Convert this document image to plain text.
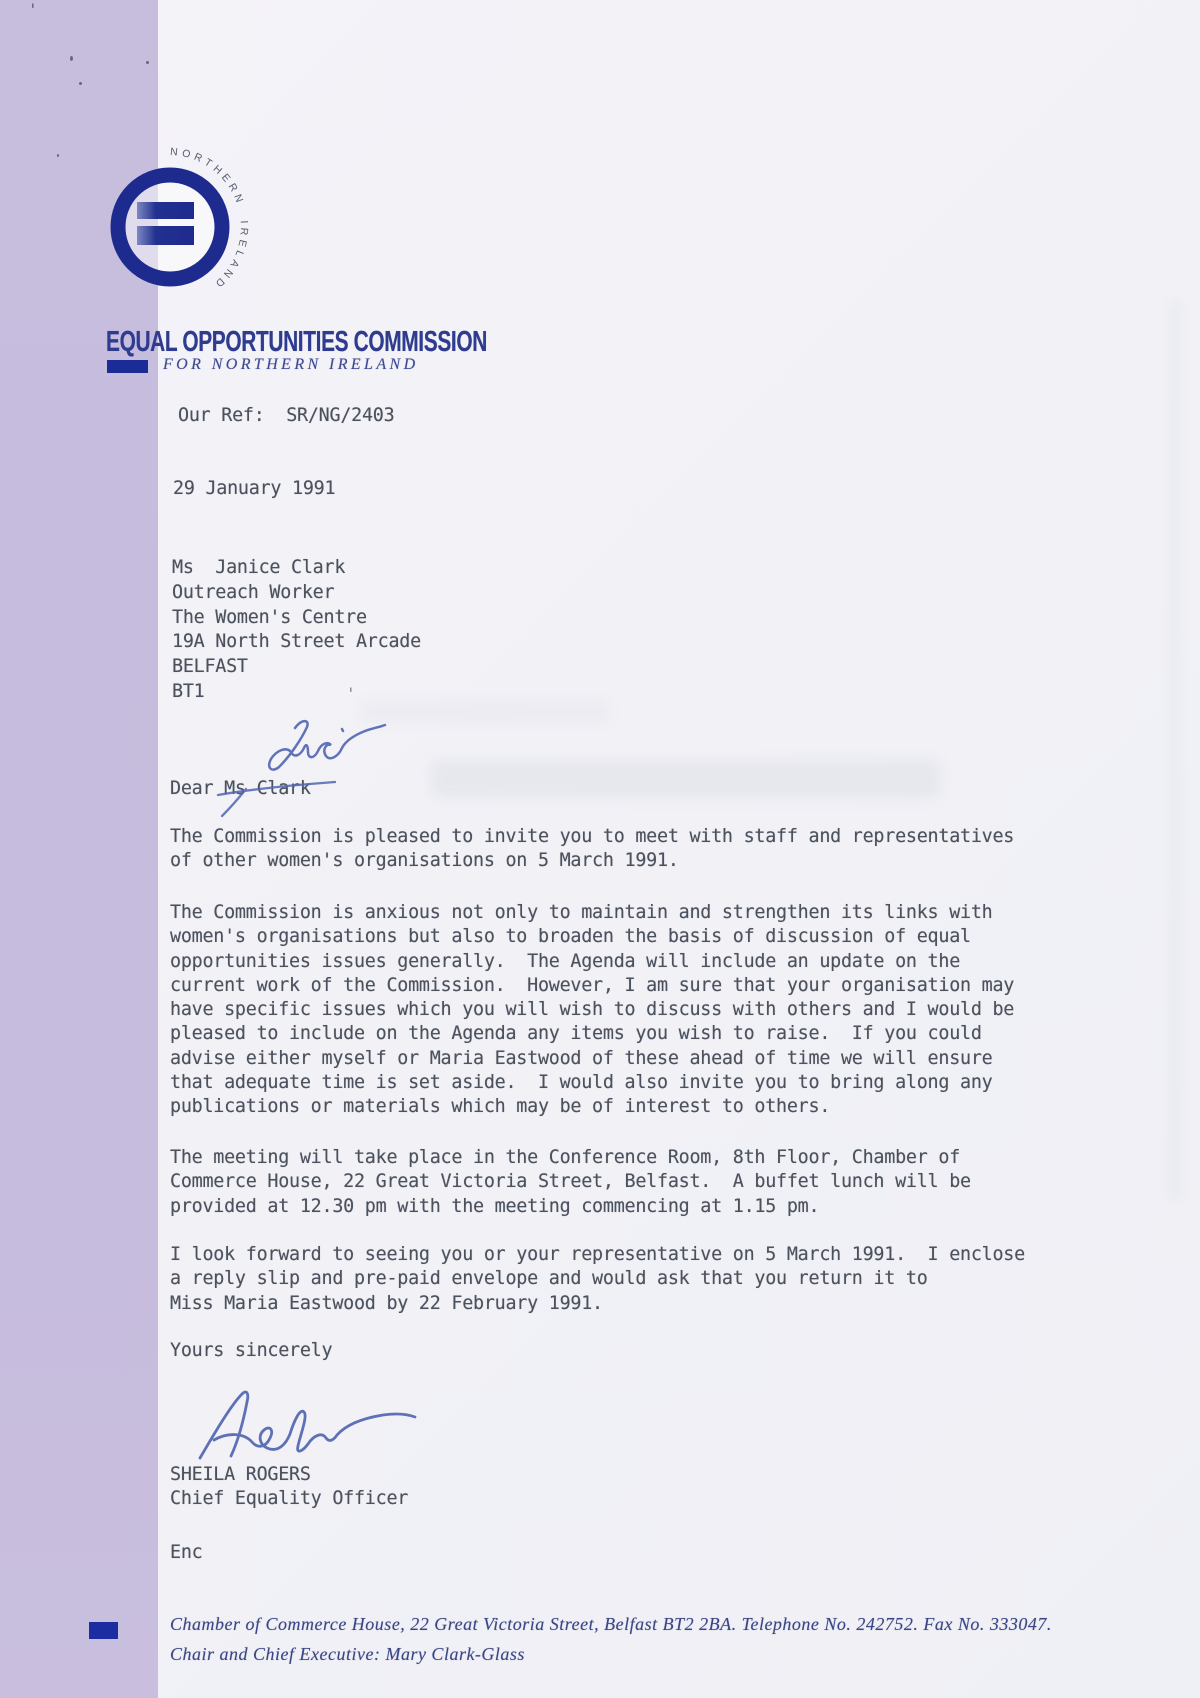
'
'
NORTHERN IRELAND
EQUAL OPPORTUNITIES COMMISSION
FOR NORTHERN IRELAND
Our Ref:  SR/NG/2403
29 January 1991
Ms  Janice Clark
Outreach Worker
The Women's Centre
19A North Street Arcade
BELFAST
BT1
Dear Ms Clark
The Commission is pleased to invite you to meet with staff and representatives
of other women's organisations on 5 March 1991.
The Commission is anxious not only to maintain and strengthen its links with
women's organisations but also to broaden the basis of discussion of equal
opportunities issues generally.  The Agenda will include an update on the
current work of the Commission.  However, I am sure that your organisation may
have specific issues which you will wish to discuss with others and I would be
pleased to include on the Agenda any items you wish to raise.  If you could
advise either myself or Maria Eastwood of these ahead of time we will ensure
that adequate time is set aside.  I would also invite you to bring along any
publications or materials which may be of interest to others.
The meeting will take place in the Conference Room, 8th Floor, Chamber of
Commerce House, 22 Great Victoria Street, Belfast.  A buffet lunch will be
provided at 12.30 pm with the meeting commencing at 1.15 pm.
I look forward to seeing you or your representative on 5 March 1991.  I enclose
a reply slip and pre-paid envelope and would ask that you return it to
Miss Maria Eastwood by 22 February 1991.
Yours sincerely
SHEILA ROGERS
Chief Equality Officer
Enc
Chamber of Commerce House, 22 Great Victoria Street, Belfast BT2 2BA. Telephone No. 242752. Fax No. 333047.
Chair and Chief Executive: Mary Clark-Glass
